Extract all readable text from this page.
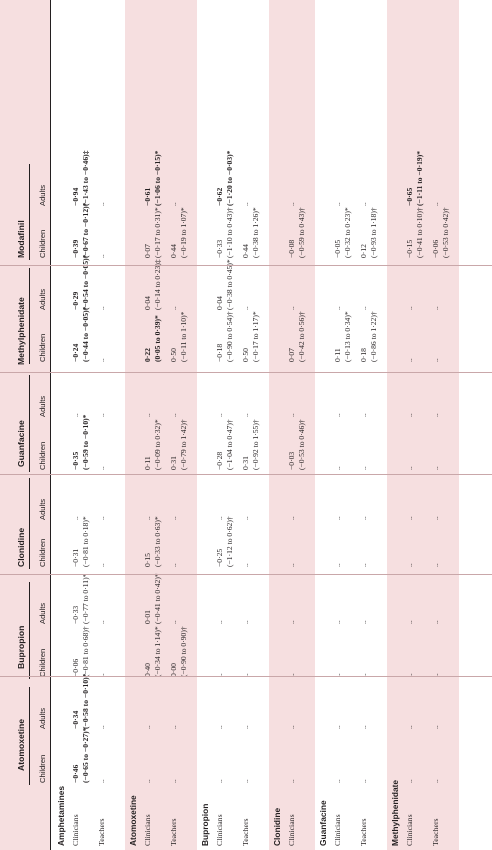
Atomoxetine Children
Adults
Bupropion Children
Adults
Clonidine Children
Adults
Guanfacine Children
Adults
Methylphenidate Children
Adults
Modafinil Children
Adults
Amphetamines Clinicians
−0·46 (−0·65 to −0·27)*
−0·34 (−0·58 to −0·10)*
−0·06 (−0·81 to 0·68)†
−0·33 (−0·77 to 0·11)*
−0·31 (−0·81 to 0·18)*
..
−0·35 (−0·59 to −0·10)*
..
−0·24 (−0·44 to −0·05)*
−0·29 (−0·54 to −0·05)*
−0·39 (−0·67 to −0·12)*
−0·94 (−1·43 to −0·46)‡
Teachers
..
..
..
..
..
..
..
..
..
..
..
..
Atomoxetine Clinicians
..
..
0·40 (−0·34 to 1·14)*
0·01 (−0·41 to 0·42)*
0·15 (−0·33 to 0·63)*
..
0·11 (−0·09 to 0·32)*
..
0·22 (0·05 to 0·39)*
0·04 (−0·14 to 0·23)‡
0·07 (−0·17 to 0·31)*
−0·61 (−1·06 to −0·15)*
Teachers
..
..
0·00 (−0·90 to 0·90)†
..
..
..
0·31 (−0·79 to 1·42)†
..
0·50 (−0·11 to 1·10)*
..
0·44 (−0·19 to 1·07)*
..
Bupropion Clinicians
..
..
..
..
−0·25 (−1·12 to 0·62)†
..
−0·28 (−1·04 to 0·47)†
..
−0·18 (−0·90 to 0·54)†
0·04 (−0·38 to 0·45)*
−0·33 (−1·10 to 0·43)†
−0·62 (−1·20 to −0·03)*
Teachers
..
..
..
..
..
..
0·31 (−0·92 to 1·55)†
..
0·50 (−0·17 to 1·17)*
..
0·44 (−0·38 to 1·26)*
..
Clonidine Clinicians
..
..
..
..
..
..
−0·03 (−0·53 to 0·46)†
..
0·07 (−0·42 to 0·56)†
..
−0·08 (−0·59 to 0·43)†
..
Guanfacine Clinicians
..
..
..
..
..
..
..
..
0·11 (−0·13 to 0·34)*
..
−0·05 (−0·32 to 0·23)*
..
Teachers
..
..
..
..
..
..
..
..
0·18 (−0·86 to 1·22)†
..
0·12 (−0·93 to 1·18)†
..
Methylphenidate Clinicians
..
..
..
..
..
..
..
..
..
..
−0·15 (−0·41 to 0·10)†
−0·65 (−1·11 to −0·19)*
Teachers
..
..
..
..
..
..
..
..
..
..
−0·06 (−0·53 to 0·42)†
..
